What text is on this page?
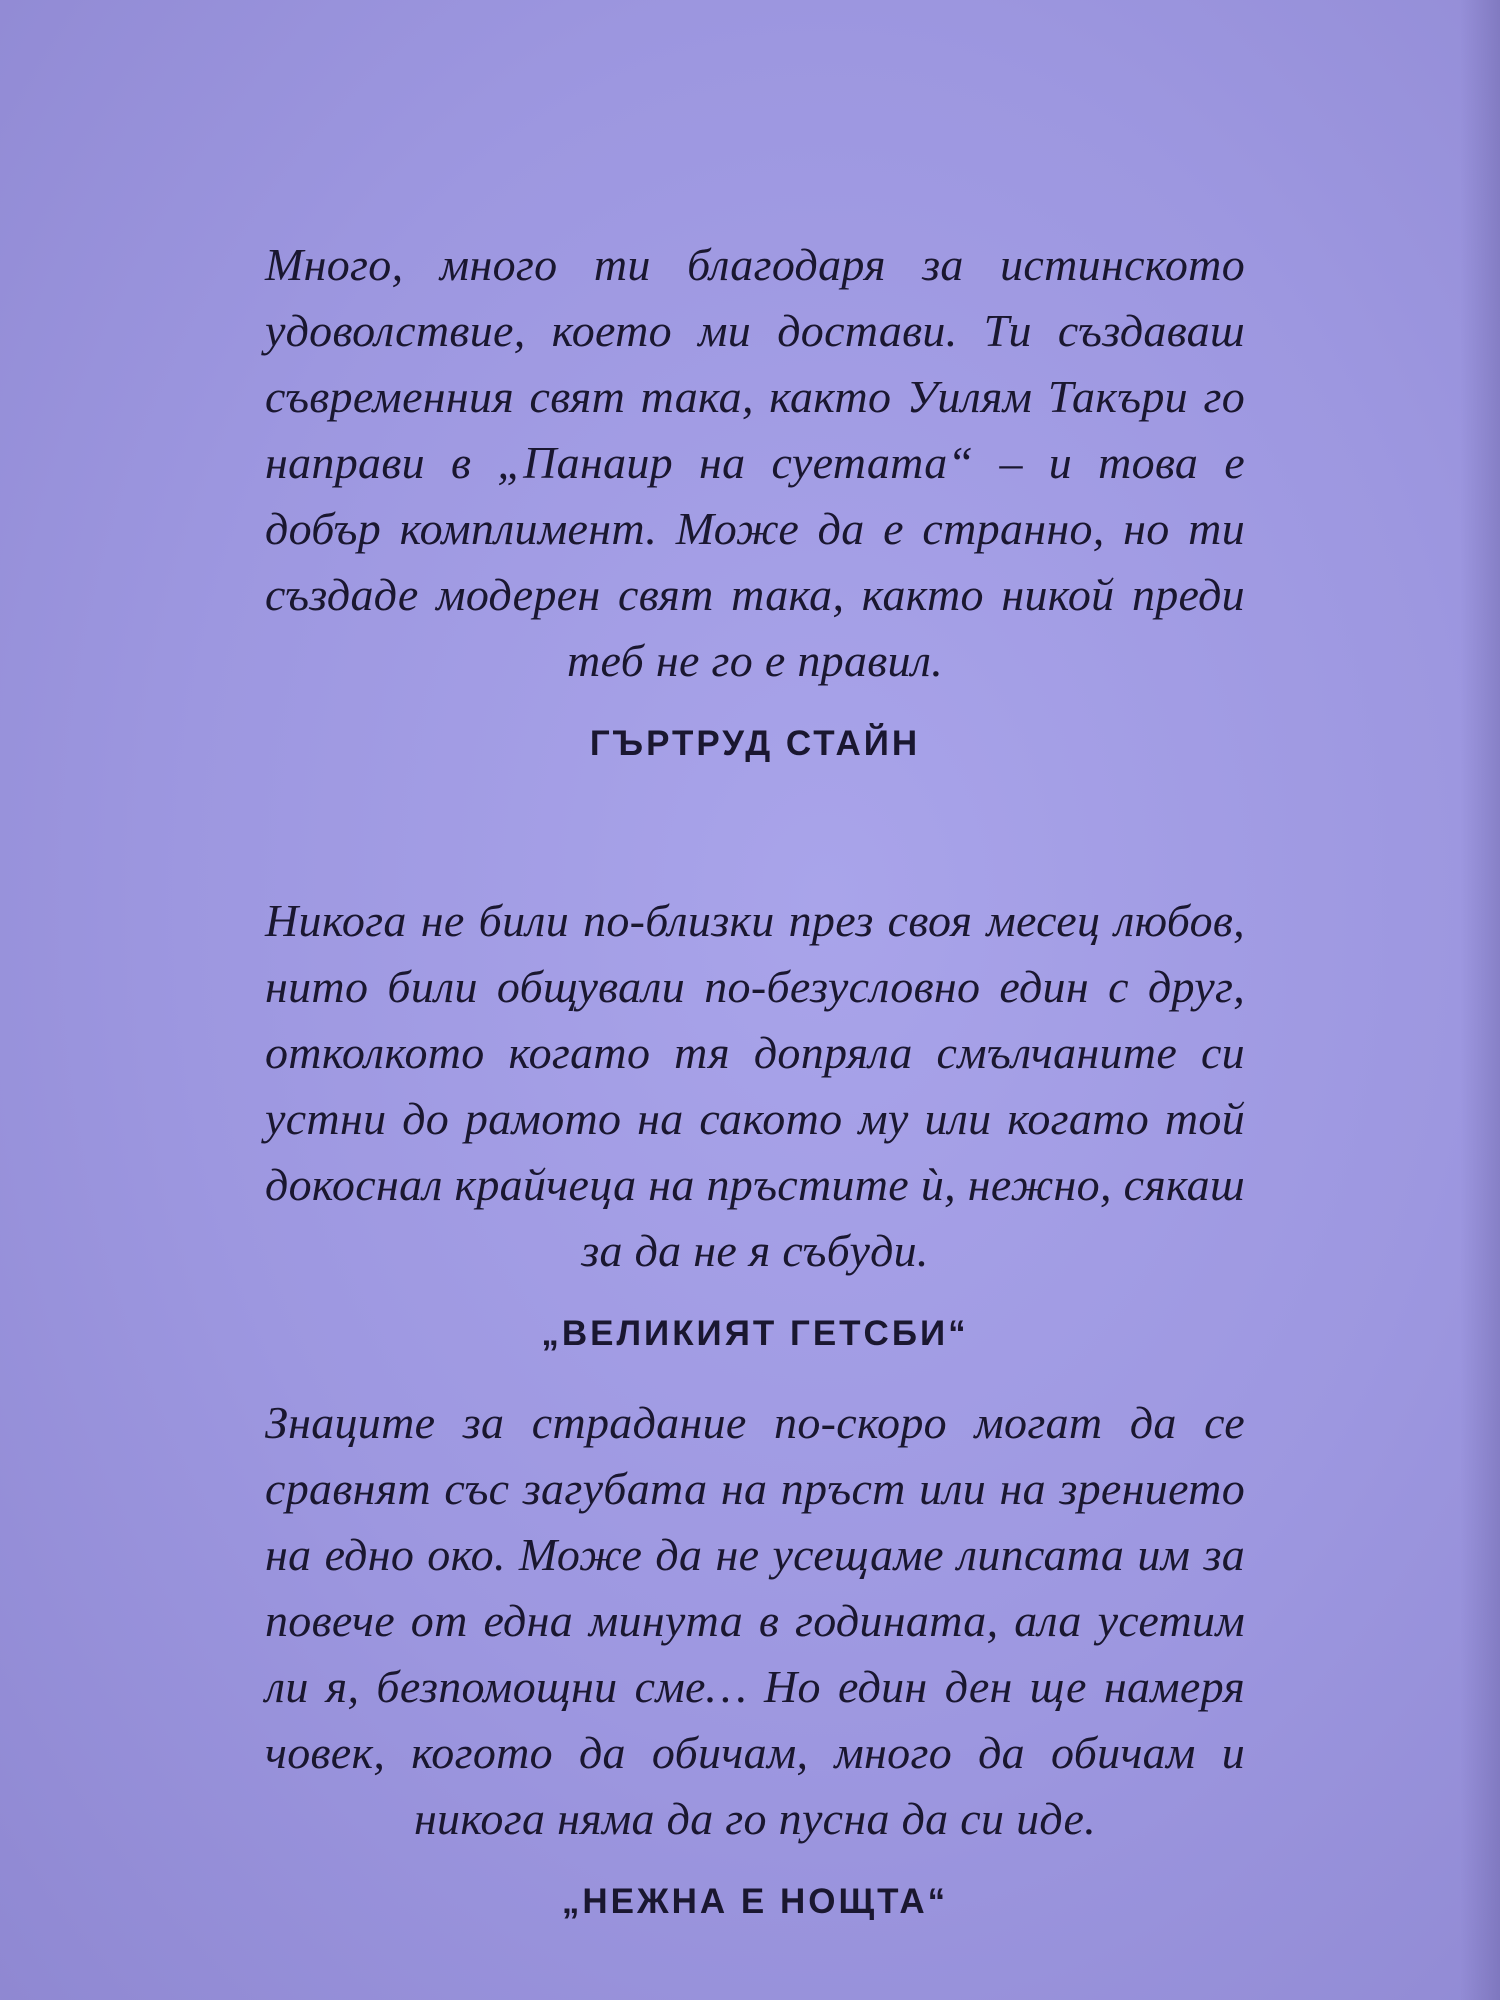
Много, много ти благодаря за истинското удоволствие, което ми достави. Ти създаваш съвременния свят така, както Уилям Такъри го направи в „Панаир на суетата“ – и това е добър комплимент. Може да е странно, но ти създаде модерен свят така, както никой преди теб не го е правил.

ГЪРТРУД СТАЙН

Никога не били по-близки през своя месец любов, нито били общували по-безусловно един с друг, отколкото когато тя допряла смълчаните си устни до рамото на сакото му или когато той докоснал крайчеца на пръстите ѝ, нежно, сякаш за да не я събуди.

„ВЕЛИКИЯТ ГЕТСБИ“

Знаците за страдание по-скоро могат да се сравнят със загубата на пръст или на зрението на едно око. Може да не усещаме липсата им за повече от една минута в годината, ала усетим ли я, безпомощни сме… Но един ден ще намеря човек, когото да обичам, много да обичам и никога няма да го пусна да си иде.

„НЕЖНА Е НОЩТА“
